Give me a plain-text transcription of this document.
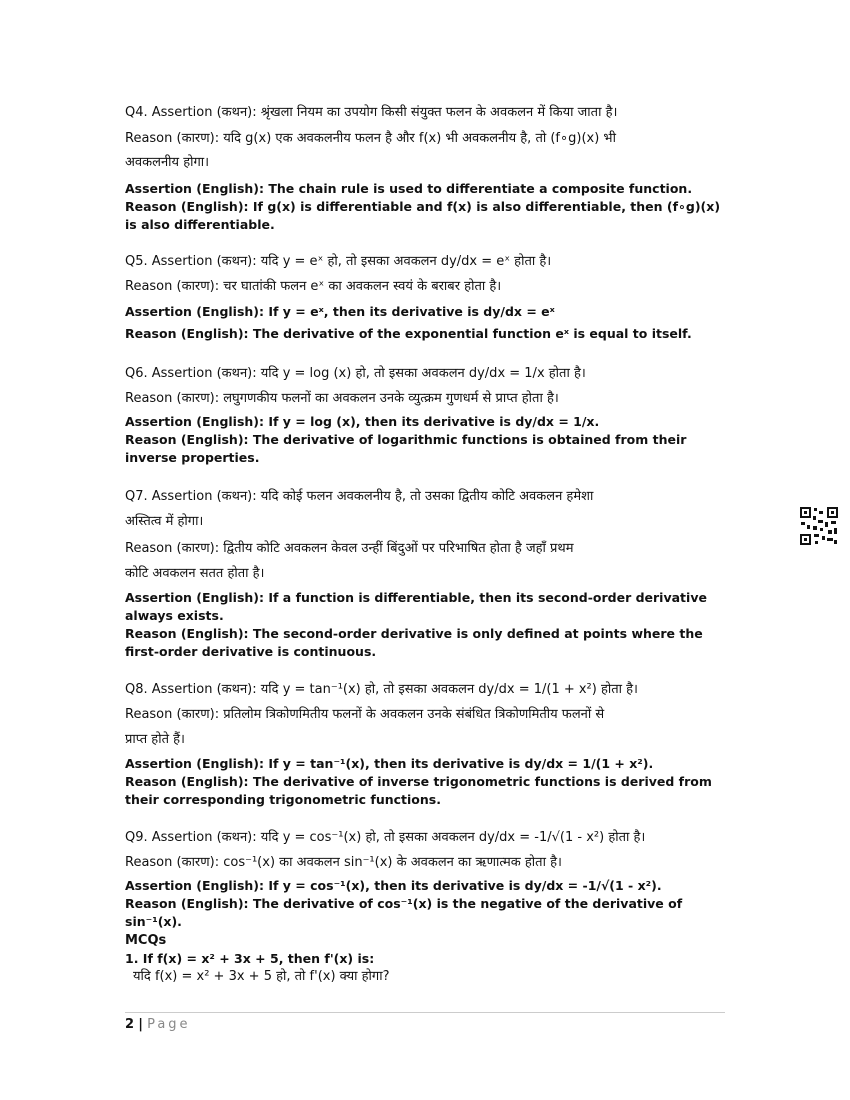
Q4. Assertion (कथन): श्रृंखला नियम का उपयोग किसी संयुक्त फलन के अवकलन में किया जाता है।
Reason (कारण): यदि g(x) एक अवकलनीय फलन है और f(x) भी अवकलनीय है, तो (f∘g)(x) भी
अवकलनीय होगा।
Assertion (English): The chain rule is used to differentiate a composite function.
Reason (English): If g(x) is differentiable and f(x) is also differentiable, then (f∘g)(x) is also differentiable.
Q5. Assertion (कथन): यदि y = eˣ हो, तो इसका अवकलन dy/dx = eˣ होता है।
Reason (कारण): चर घातांकी फलन eˣ का अवकलन स्वयं के बराबर होता है।
Assertion (English): If y = eˣ, then its derivative is dy/dx = eˣ
Reason (English): The derivative of the exponential function eˣ is equal to itself.
Q6. Assertion (कथन): यदि y = log (x) हो, तो इसका अवकलन dy/dx = 1/x होता है।
Reason (कारण): लघुगणकीय फलनों का अवकलन उनके व्युत्क्रम गुणधर्म से प्राप्त होता है।
Assertion (English): If y = log (x), then its derivative is dy/dx = 1/x.
Reason (English): The derivative of logarithmic functions is obtained from their inverse properties.
Q7. Assertion (कथन): यदि कोई फलन अवकलनीय है, तो उसका द्वितीय कोटि अवकलन हमेशा
अस्तित्व में होगा।
Reason (कारण): द्वितीय कोटि अवकलन केवल उन्हीं बिंदुओं पर परिभाषित होता है जहाँ प्रथम
कोटि अवकलन सतत होता है।
Assertion (English): If a function is differentiable, then its second-order derivative always exists.
Reason (English): The second-order derivative is only defined at points where the first-order derivative is continuous.
Q8. Assertion (कथन): यदि y = tan⁻¹(x) हो, तो इसका अवकलन dy/dx = 1/(1 + x²) होता है।
Reason (कारण): प्रतिलोम त्रिकोणमितीय फलनों के अवकलन उनके संबंधित त्रिकोणमितीय फलनों से
प्राप्त होते हैं।
Assertion (English): If y = tan⁻¹(x), then its derivative is dy/dx = 1/(1 + x²).
Reason (English): The derivative of inverse trigonometric functions is derived from their corresponding trigonometric functions.
Q9. Assertion (कथन): यदि y = cos⁻¹(x) हो, तो इसका अवकलन dy/dx = -1/√(1 - x²) होता है।
Reason (कारण): cos⁻¹(x) का अवकलन sin⁻¹(x) के अवकलन का ऋणात्मक होता है।
Assertion (English): If y = cos⁻¹(x), then its derivative is dy/dx = -1/√(1 - x²).
Reason (English): The derivative of cos⁻¹(x) is the negative of the derivative of sin⁻¹(x).
MCQs
1. If f(x) = x² + 3x + 5, then f'(x) is:
यदि f(x) = x² + 3x + 5 हो, तो f'(x) क्या होगा?
2 | Page
